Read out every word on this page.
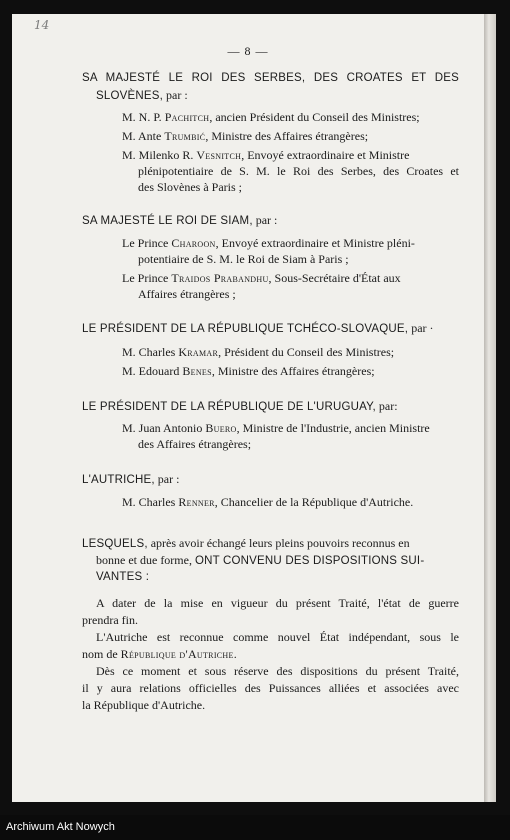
14
— 8 —
SA MAJESTÉ LE ROI DES SERBES, DES CROATES ET DES
SLOVÈNES, par :
M. N. P. Pachitch, ancien Président du Conseil des Ministres;
M. Ante Trumbić, Ministre des Affaires étrangères;
M. Milenko R. Vesnitch, Envoyé extraordinaire et Ministre
plénipotentiaire de S. M. le Roi des Serbes, des Croates et
des Slovènes à Paris ;
SA MAJESTÉ LE ROI DE SIAM, par :
Le Prince Charoon, Envoyé extraordinaire et Ministre pléni-
potentiaire de S. M. le Roi de Siam à Paris ;
Le Prince Traidos Prabandhu, Sous-Secrétaire d'État aux
Affaires étrangères ;
LE PRÉSIDENT DE LA RÉPUBLIQUE TCHÉCO-SLOVAQUE, par ·
M. Charles Kramar, Président du Conseil des Ministres;
M. Edouard Benes, Ministre des Affaires étrangères;
LE PRÉSIDENT DE LA RÉPUBLIQUE DE L'URUGUAY, par:
M. Juan Antonio Buero, Ministre de l'Industrie, ancien Ministre
des Affaires étrangères;
L'AUTRICHE, par :
M. Charles Renner, Chancelier de la République d'Autriche.
LESQUELS, après avoir échangé leurs pleins pouvoirs reconnus en
bonne et due forme, ONT CONVENU DES DISPOSITIONS SUI-
VANTES :
A dater de la mise en vigueur du présent Traité, l'état de guerre
prendra fin.
L'Autriche est reconnue comme nouvel État indépendant, sous le
nom de République d'Autriche.
Dès ce moment et sous réserve des dispositions du présent Traité,
il y aura relations officielles des Puissances alliées et associées avec
la République d'Autriche.
Archiwum Akt Nowych
